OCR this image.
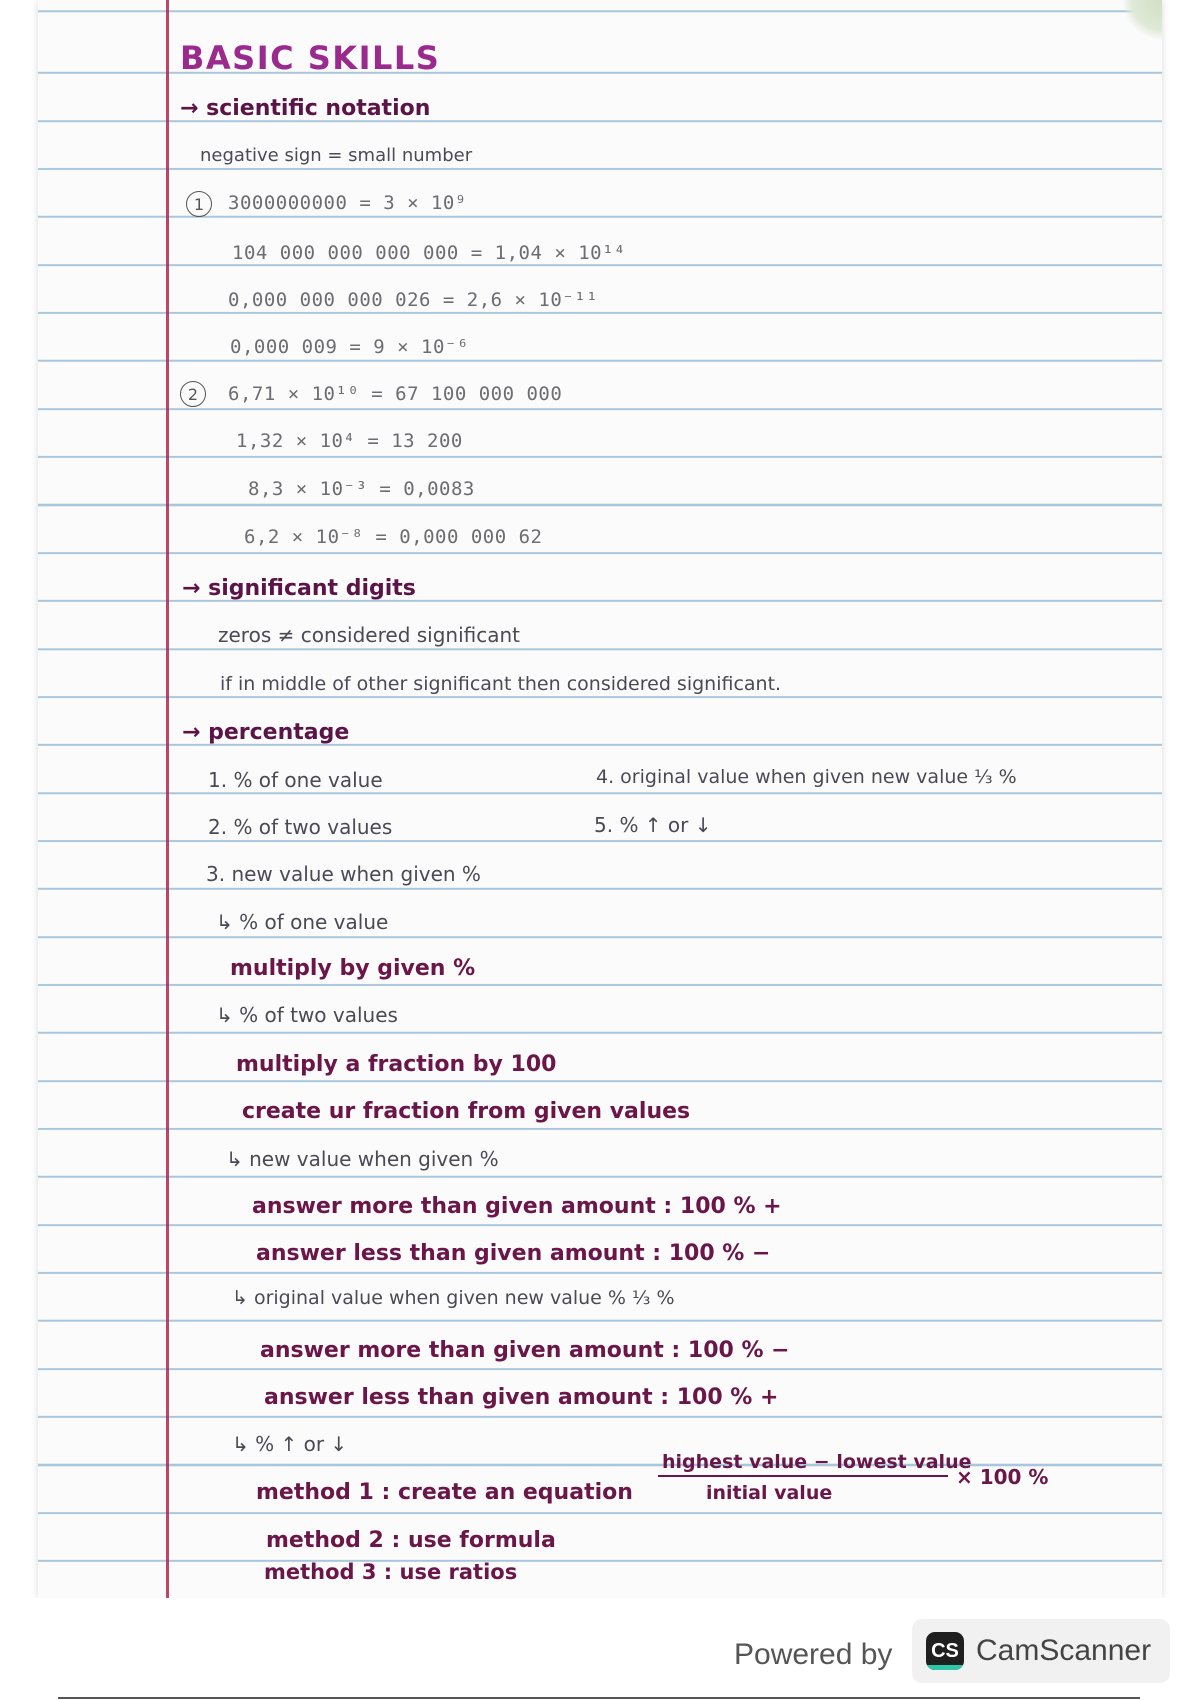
BASIC SKILLS
→ scientific notation
negative sign = small number
1	3000000000 = 3 × 10⁹
104 000 000 000 000 = 1,04 × 10¹⁴
0,000 000 000 026 = 2,6 × 10⁻¹¹
0,000 009 = 9 × 10⁻⁶
2	6,71 × 10¹⁰ = 67 100 000 000
1,32 × 10⁴ = 13 200
8,3 × 10⁻³ = 0,0083
6,2 × 10⁻⁸ = 0,000 000 62
→ significant digits
zeros ≠ considered significant
if in middle of other significant then considered significant.
→ percentage
1. % of one value
2. % of two values
3. new value when given %
4. original value when given new value ⅓ %
5. % ↑ or ↓
↳ % of one value
multiply by given %
↳ % of two values
multiply a fraction by 100
create ur fraction from given values
↳ new value when given %
answer more than given amount : 100 % +
answer less than given amount : 100 % −
↳ original value when given new value % ⅓ %
answer more than given amount : 100 % −
answer less than given amount : 100 % +
↳ % ↑ or ↓
method 1 : create an equation
method 2 : use formula
method 3 : use ratios
highest value − lowest value
initial value
× 100 %
Powered by CS CamScanner
